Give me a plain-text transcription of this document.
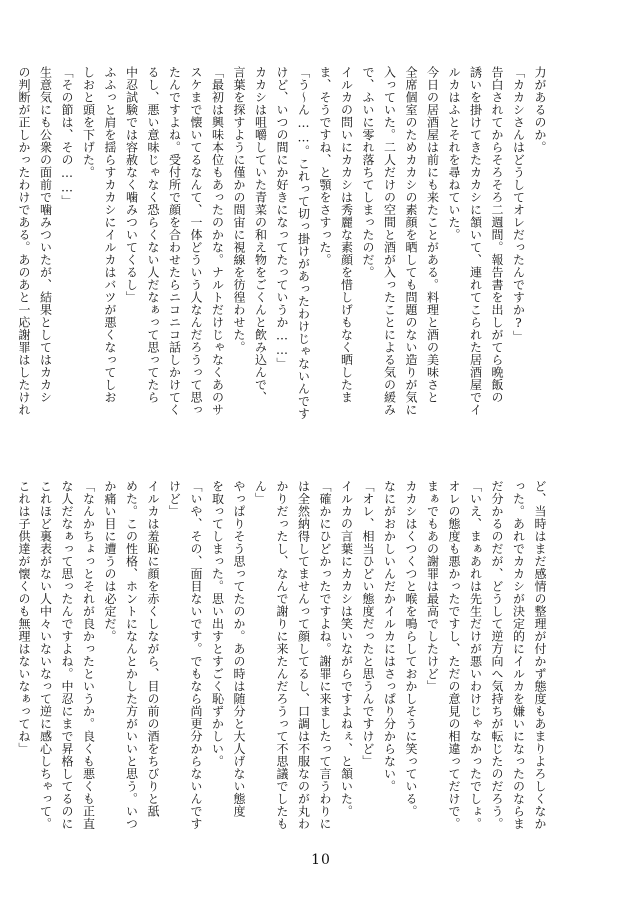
力があるのか。

「カカシさんはどうしてオレだったんですか?」

告白されてからそろそろ二週間。報告書を出しがてら晩飯の

誘いを掛けてきたカカシに頷いて、連れてこられた居酒屋でイ

ルカはふとそれを尋ねていた。

今日の居酒屋は前にも来たことがある。料理と酒の美味さと

全席個室のためカカシの素顔を晒しても問題のない造りが気に

入っていた。二人だけの空間と酒が入ったことによる気の緩み

で、ふいに零れ落ちてしまったのだ。

イルカの問いにカカシは秀麗な素顔を惜しげもなく晒したま

ま、そうですね、と顎をさすった。

「う〜ん……。これって切っ掛けがあったわけじゃないんです

けど、いつの間にか好きになってたっていうか……」

カカシは咀嚼していた青菜の和え物をごくんと飲み込んで、

言葉を探すように僅かの間宙に視線を彷徨わせた。

「最初は興味本位もあったのかな。ナルトだけじゃなくあのサ

スケまで懐いてるなんて、一体どういう人なんだろうって思っ

たんですよね。受付所で顔を合わせたらニコニコ話しかけてく

るし、悪い意味じゃなく恐らくない人だなぁって思ってたら

中忍試験では容赦なく噛みついてくるし」

ふふっと肩を揺らすカカシにイルカはバツが悪くなってしお

しおと頭を下げた。

「その節は、その……」

生意気にも公衆の面前で噛みついたが、結果としてはカカシ

の判断が正しかったわけである。あのあと一応謝罪はしたけれ

ど、当時はまだ感情の整理が付かず態度もあまりよろしくなか

った。あれでカカシが決定的にイルカを嫌いになったのならま

だ分かるのだが、どうして逆方向へ気持ちが転じたのだろう。

「いえ、まぁあれは先生だけが悪いわけじゃなかったでしょ。

オレの態度も悪かったですし、ただの意見の相違ってだけで。

まぁでもあの謝罪は最高でしたけど」

カカシはくつくつと喉を鳴らしておかしそうに笑っている。

なにがおかしいんだかイルカにはさっぱり分からない。

「オレ、相当ひどい態度だったと思うんですけど」

イルカの言葉にカカシは笑いながらですよねぇ、と頷いた。

「確かにひどかったですよね。謝罪に来ましたって言うわりに

は全然納得してませんって顔してるし、口調は不服なのが丸わ

かりだったし、なんで謝りに来たんだろうって不思議でしたも

ん」

やっぱりそう思ってたのか。あの時は随分と大人げない態度

を取ってしまった。思い出すとすごく恥ずかしい。

「いや、その、面目ないです。でもなら尚更分からないんです

けど」

イルカは羞恥に顔を赤くしながら、目の前の酒をちびりと舐

めた。この性格、ホントになんとかした方がいいと思う。いつ

か痛い目に遭うのは必定だ。

「なんかちょっとそれが良かったというか。良くも悪くも正直

な人だなぁって思ったんですよね。中忍にまで昇格してるのに

これほど裏表がない人中々いないなって逆に感心しちゃって。

これは子供達が懐くのも無理はないなぁってね」

10
